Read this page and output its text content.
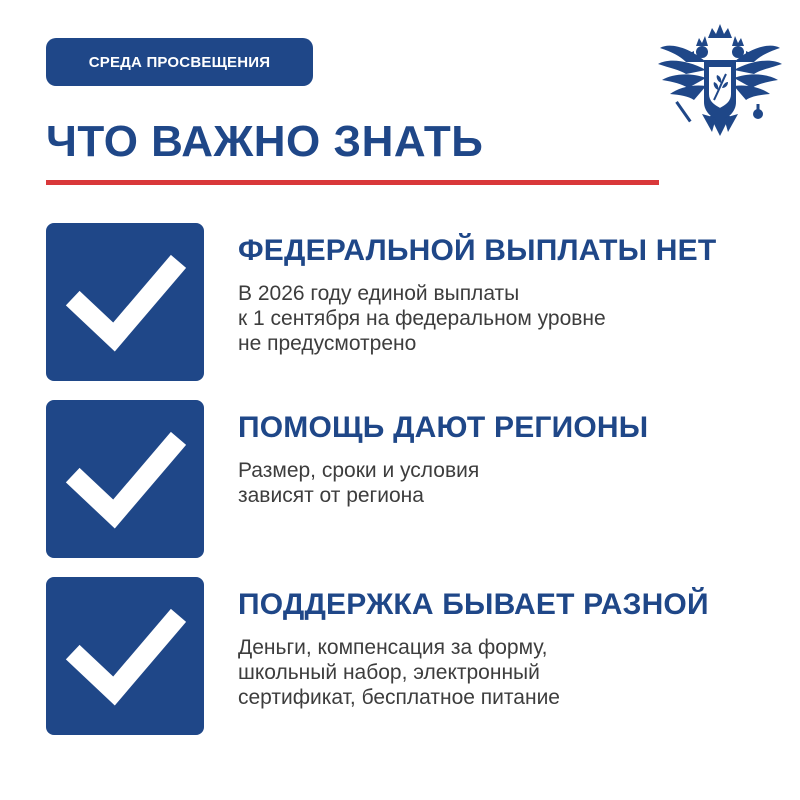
СРЕДА ПРОСВЕЩЕНИЯ
ЧТО ВАЖНО ЗНАТЬ
ФЕДЕРАЛЬНОЙ ВЫПЛАТЫ НЕТ
В 2026 году единой выплаты
к 1 сентября на федеральном уровне
не предусмотрено
ПОМОЩЬ ДАЮТ РЕГИОНЫ
Размер, сроки и условия
зависят от региона
ПОДДЕРЖКА БЫВАЕТ РАЗНОЙ
Деньги, компенсация за форму,
школьный набор, электронный
сертификат, бесплатное питание
